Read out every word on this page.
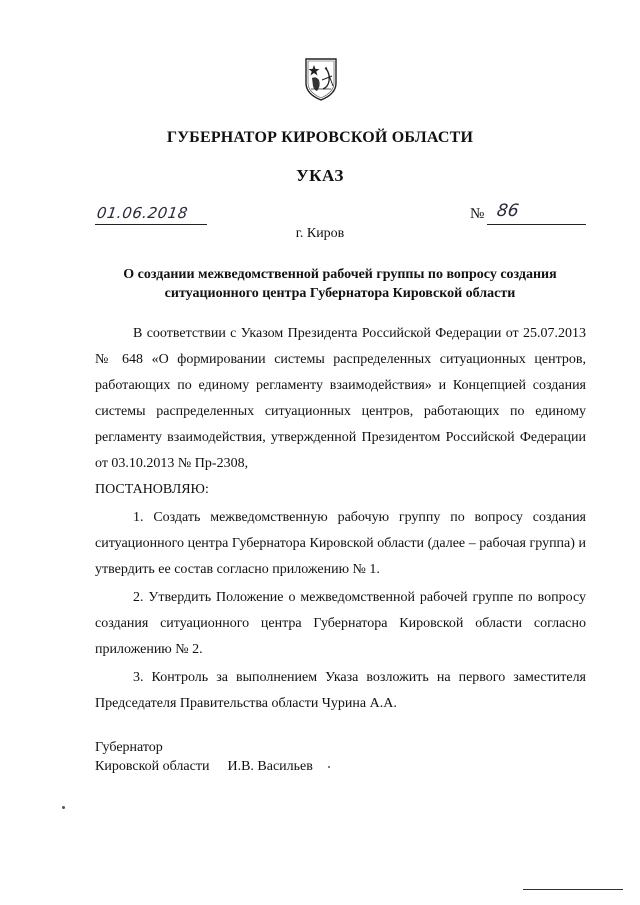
ГУБЕРНАТОР КИРОВСКОЙ ОБЛАСТИ
УКАЗ
01.06.2018	№ 86
г. Киров
О создании межведомственной рабочей группы по вопросу создания
ситуационного центра Губернатора Кировской области

В соответствии с Указом Президента Российской Федерации от 25.07.2013 № 648 «О формировании системы распределенных ситуационных центров, работающих по единому регламенту взаимодействия» и Концепцией создания системы распределенных ситуационных центров, работающих по единому регламенту взаимодействия, утвержденной Президентом Российской Федерации от 03.10.2013 № Пр-2308,

ПОСТАНОВЛЯЮ:

1. Создать межведомственную рабочую группу по вопросу создания ситуационного центра Губернатора Кировской области (далее – рабочая группа) и утвердить ее состав согласно приложению № 1.

2. Утвердить Положение о межведомственной рабочей группе по вопросу создания ситуационного центра Губернатора Кировской области согласно приложению № 2.

3. Контроль за выполнением Указа возложить на первого заместителя Председателя Правительства области Чурина А.А.

Губернатор
Кировской области И.В. Васильев
